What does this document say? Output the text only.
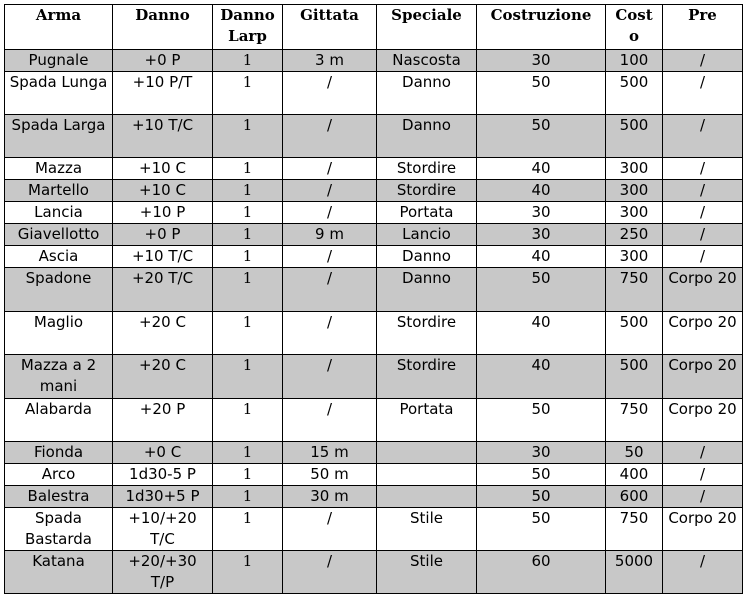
Arma	Danno	Danno Larp	Gittata	Speciale	Costruzione	Cost o	Pre
Pugnale	+0 P	1	3 m	Nascosta	30	100	/
Spada Lunga	+10 P/T	1	/	Danno	50	500	/
Spada Larga	+10 T/C	1	/	Danno	50	500	/
Mazza	+10 C	1	/	Stordire	40	300	/
Martello	+10 C	1	/	Stordire	40	300	/
Lancia	+10 P	1	/	Portata	30	300	/
Giavellotto	+0 P	1	9 m	Lancio	30	250	/
Ascia	+10 T/C	1	/	Danno	40	300	/
Spadone	+20 T/C	1	/	Danno	50	750	Corpo 20
Maglio	+20 C	1	/	Stordire	40	500	Corpo 20
Mazza a 2 mani	+20 C	1	/	Stordire	40	500	Corpo 20
Alabarda	+20 P	1	/	Portata	50	750	Corpo 20
Fionda	+0 C	1	15 m		30	50	/
Arco	1d30-5 P	1	50 m		50	400	/
Balestra	1d30+5 P	1	30 m		50	600	/
Spada Bastarda	+10/+20 T/C	1	/	Stile	50	750	Corpo 20
Katana	+20/+30 T/P	1	/	Stile	60	5000	/
